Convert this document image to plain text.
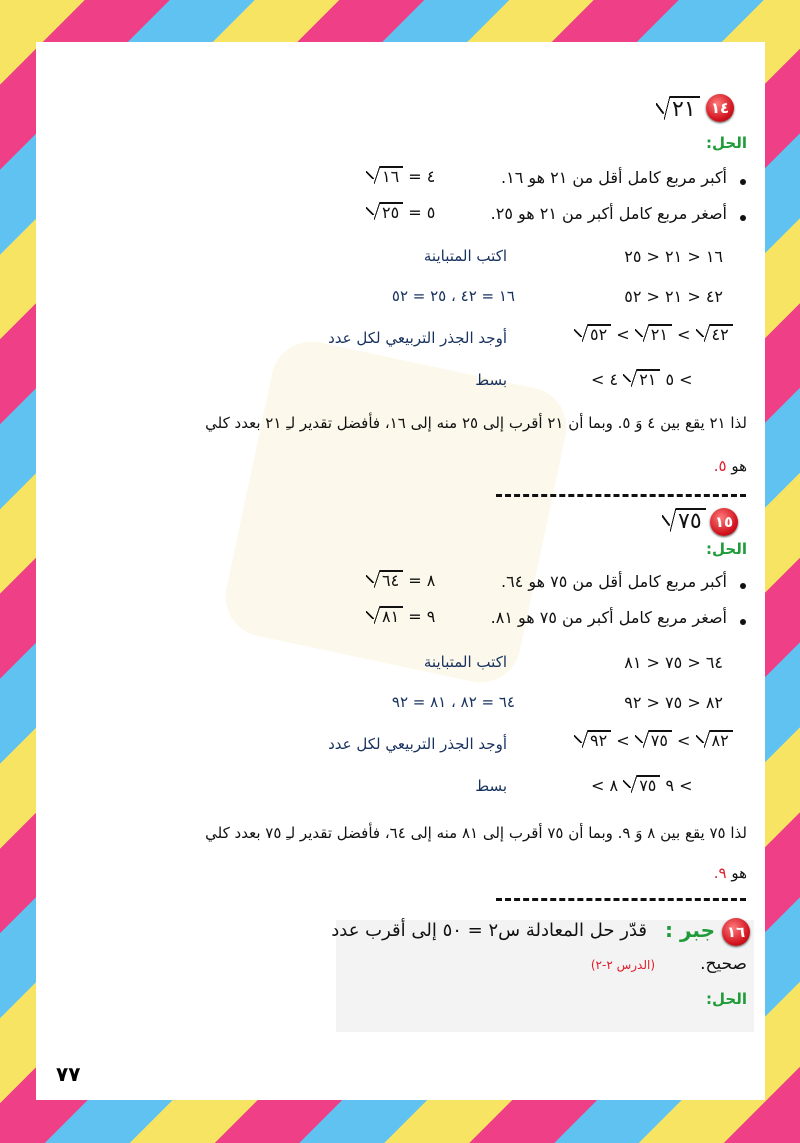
١٤
٢١
الحل:
أكبر مربع كامل أقل من ٢١ هو ١٦.
١٦ = ٤
أصغر مربع كامل أكبر من ٢١ هو ٢٥.
٢٥ = ٥
١٦ < ٢١ < ٢٥
اكتب المتباينة
٤٢ < ٢١ < ٥٢
١٦ = ٤٢ ، ٢٥ = ٥٢
٥٢ < ٢١ < ٤٢
أوجد الجذر التربيعي لكل عدد
< ٥ ٢١ ٤ <
بسط
لذا ٢١ يقع بين ٤ وَ ٥. وبما أن ٢١ أقرب إلى ٢٥ منه إلى ١٦، فأفضل تقدير لـِ ٢١ بعدد كلي
هو ٥.
١٥
٧٥
الحل:
أكبر مربع كامل أقل من ٧٥ هو ٦٤.
٦٤ = ٨
أصغر مربع كامل أكبر من ٧٥ هو ٨١.
٨١ = ٩
٦٤ < ٧٥ < ٨١
اكتب المتباينة
٨٢ < ٧٥ < ٩٢
٦٤ = ٨٢ ، ٨١ = ٩٢
٩٢ < ٧٥ < ٨٢
أوجد الجذر التربيعي لكل عدد
< ٩ ٧٥ ٨ <
بسط
لذا ٧٥ يقع بين ٨ وَ ٩. وبما أن ٧٥ أقرب إلى ٨١ منه إلى ٦٤، فأفضل تقدير لـِ ٧٥ بعدد كلي
هو ٩.
١٦
جبر :
قدّر حل المعادلة س٢ = ٥٠ إلى أقرب عدد
صحيح.
(الدرس ٢-٢)
الحل:
٧٧
